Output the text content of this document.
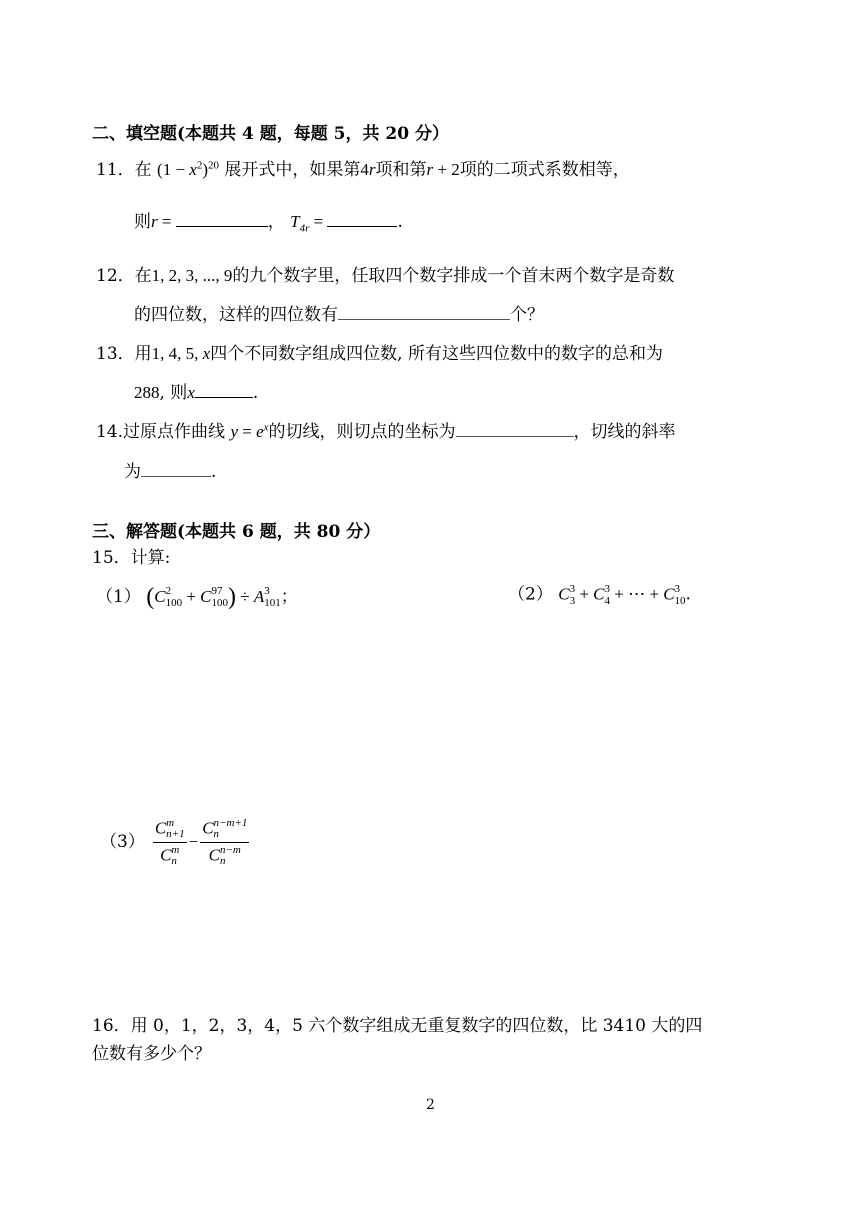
二、填空题(本题共 4 题，每题 5，共 20 分）
11．在 $(1 - x^2)^{20}$ 展开式中，如果第4r项和第r + 2项的二项式系数相等，
则r =	， $T_{4r}$ =	.
12．在1, 2, 3, ..., 9的九个数字里，任取四个数字排成一个首末两个数字是奇数
的四位数，这样的四位数有	个？
13．用1, 4, 5, x四个不同数字组成四位数, 所有这些四位数中的数字的总和为
288, 则x	.
14.过原点作曲线 $y = e^x$的切线，则切点的坐标为	，切线的斜率
为	.
三、解答题(本题共 6 题，共 80 分）
15．计算:
（1） (C 2
100 + C 97
100 ) ÷ A 3
101 ；	（2） C 3
3 + C 3
4 + ⋯ + C 3
10 .
（3） C m
n+1
C m
n − C n−m+1
n
C n−m
n
16．用 0，1，2，3，4，5 六个数字组成无重复数字的四位数，比 3410 大的四
位数有多少个？
2
